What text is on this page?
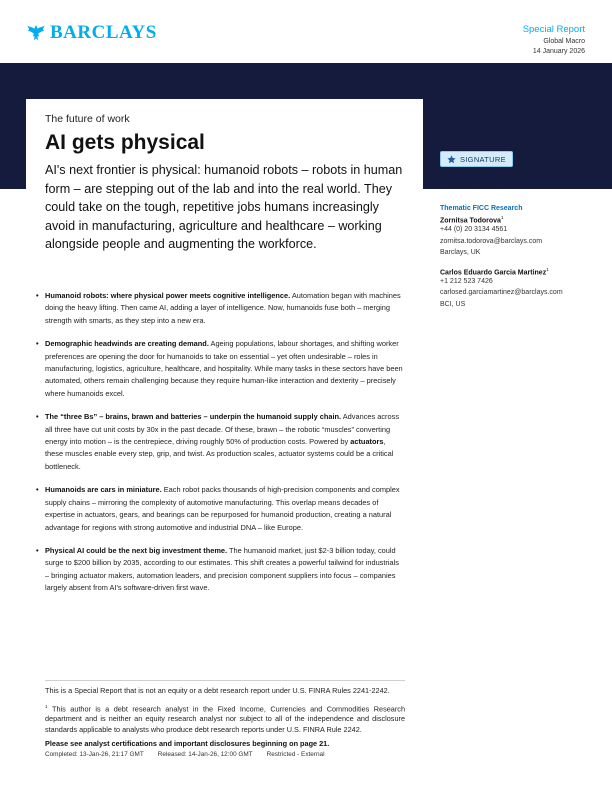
BARCLAYS	Special Report
Global Macro
14 January 2026
The future of work
AI gets physical

AI's next frontier is physical: humanoid robots – robots in human form – are stepping out of the lab and into the real world. They could take on the tough, repetitive jobs humans increasingly avoid in manufacturing, agriculture and healthcare – working alongside people and augmenting the workforce.

SIGNATURE
• Humanoid robots: where physical power meets cognitive intelligence. Automation began with machines doing the heavy lifting. Then came AI, adding a layer of intelligence. Now, humanoids fuse both – merging strength with smarts, as they step into a new era.
• Demographic headwinds are creating demand. Ageing populations, labour shortages, and shifting worker preferences are opening the door for humanoids to take on essential – yet often undesirable – roles in manufacturing, logistics, agriculture, healthcare, and hospitality. While many tasks in these sectors have been automated, others remain challenging because they require human-like interaction and dexterity – precisely where humanoids excel.
• The “three Bs” – brains, brawn and batteries – underpin the humanoid supply chain. Advances across all three have cut unit costs by 30x in the past decade. Of these, brawn – the robotic “muscles” converting energy into motion – is the centrepiece, driving roughly 50% of production costs. Powered by actuators, these muscles enable every step, grip, and twist. As production scales, actuator systems could be a critical bottleneck.
• Humanoids are cars in miniature. Each robot packs thousands of high-precision components and complex supply chains – mirroring the complexity of automotive manufacturing. This overlap means decades of expertise in actuators, gears, and bearings can be repurposed for humanoid production, creating a natural advantage for regions with strong automotive and industrial DNA – like Europe.
• Physical AI could be the next big investment theme. The humanoid market, just $2-3 billion today, could surge to $200 billion by 2035, according to our estimates. This shift creates a powerful tailwind for industrials – bringing actuator makers, automation leaders, and precision component suppliers into focus – companies largely absent from AI's software-driven first wave.
Thematic FICC Research
Zornitsa Todorova$^1$
+44 (0) 20 3134 4561
zornitsa.todorova@barclays.com
Barclays, UK
Carlos Eduardo Garcia Martinez$^1$
+1 212 523 7426
carlosed.garciamartinez@barclays.com
BCI, US

This is a Special Report that is not an equity or a debt research report under U.S. FINRA Rules 2241-2242.

$^1$ This author is a debt research analyst in the Fixed Income, Currencies and Commodities Research department and is neither an equity research analyst nor subject to all of the independence and disclosure standards applicable to analysts who produce debt research reports under U.S. FINRA Rule 2242.

Please see analyst certifications and important disclosures beginning on page 21.

Completed: 13-Jan-26, 21:17 GMT Released: 14-Jan-26, 12:00 GMT Restricted - External
